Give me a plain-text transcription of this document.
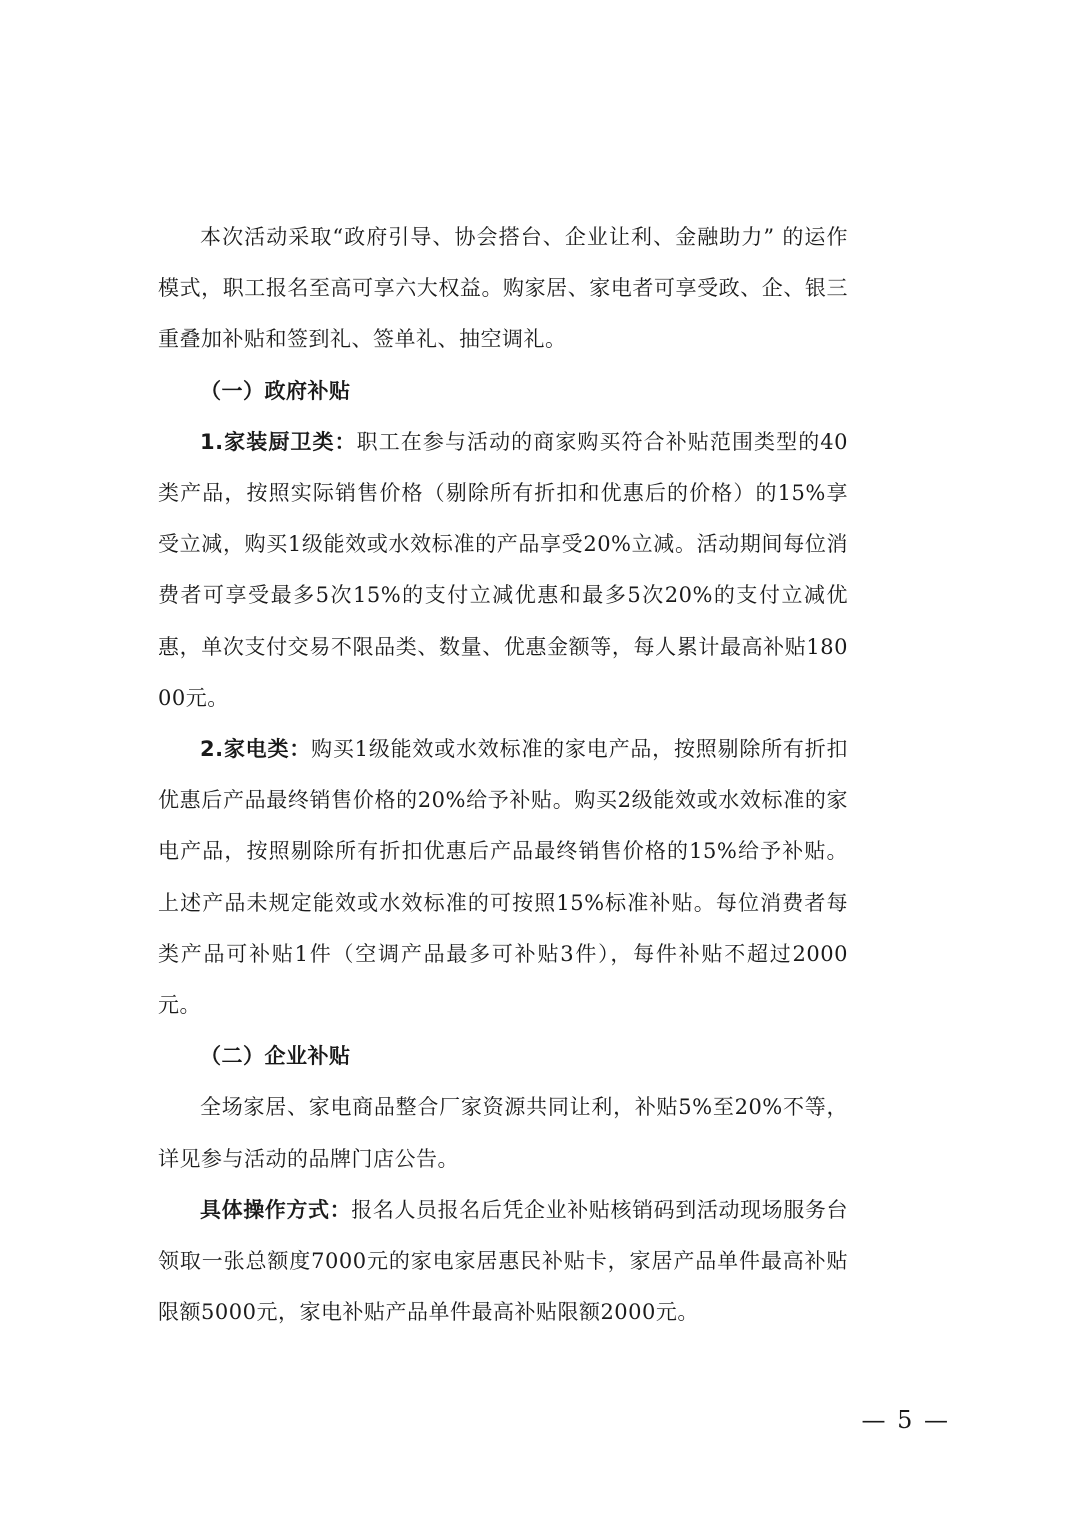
本次活动采取“政府引导、协会搭台、企业让利、金融助力” 的运作模式，职工报名至高可享六大权益。购家居、家电者可享受政、企、银三重叠加补贴和签到礼、签单礼、抽空调礼。

（一）政府补贴

1.家装厨卫类：职工在参与活动的商家购买符合补贴范围类型的40类产品，按照实际销售价格（剔除所有折扣和优惠后的价格）的15%享受立减，购买1级能效或水效标准的产品享受20%立减。活动期间每位消费者可享受最多5次15%的支付立减优惠和最多5次20%的支付立减优惠，单次支付交易不限品类、数量、优惠金额等，每人累计最高补贴18000元。

2.家电类：购买1级能效或水效标准的家电产品，按照剔除所有折扣优惠后产品最终销售价格的20%给予补贴。购买2级能效或水效标准的家电产品，按照剔除所有折扣优惠后产品最终销售价格的15%给予补贴。上述产品未规定能效或水效标准的可按照15%标准补贴。每位消费者每类产品可补贴1件（空调产品最多可补贴3件），每件补贴不超过2000元。

（二）企业补贴

全场家居、家电商品整合厂家资源共同让利，补贴5%至20%不等，详见参与活动的品牌门店公告。

具体操作方式：报名人员报名后凭企业补贴核销码到活动现场服务台领取一张总额度7000元的家电家居惠民补贴卡，家居产品单件最高补贴限额5000元，家电补贴产品单件最高补贴限额2000元。

— 5 —
